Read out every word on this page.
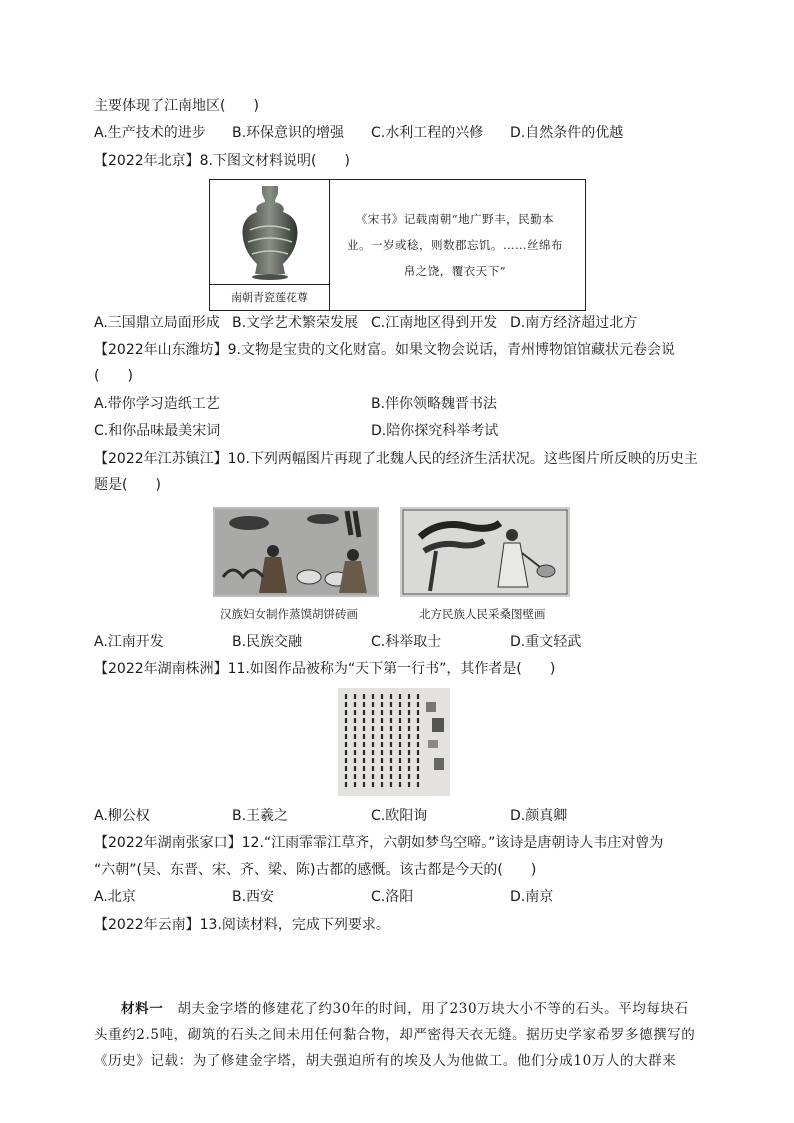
主要体现了江南地区(　　)
A.生产技术的进步 B.环保意识的增强 C.水利工程的兴修 D.自然条件的优越
【2022年北京】8.下图文材料说明(　　)
南朝青瓷莲花尊
《宋书》记载南朝“地广野丰，民勤本
业。一岁或稔，则数郡忘饥。……丝绵布
帛之饶，覆衣天下”
A.三国鼎立局面形成 B.文学艺术繁荣发展 C.江南地区得到开发 D.南方经济超过北方
【2022年山东潍坊】9.文物是宝贵的文化财富。如果文物会说话，青州博物馆馆藏状元卷会说
(　　)
A.带你学习造纸工艺	B.伴你领略魏晋书法
C.和你品味最美宋词	D.陪你探究科举考试
【2022年江苏镇江】10.下列两幅图片再现了北魏人民的经济生活状况。这些图片所反映的历史主
题是(　　)
汉族妇女制作蒸馍胡饼砖画	北方民族人民采桑图壁画
A.江南开发	B.民族交融	C.科举取士	D.重文轻武
【2022年湖南株洲】11.如图作品被称为“天下第一行书”，其作者是(　　)
A.柳公权	B.王羲之	C.欧阳询	D.颜真卿
【2022年湖南张家口】12.“江雨霏霏江草齐，六朝如梦鸟空啼。”该诗是唐朝诗人韦庄对曾为
“六朝”(吴、东晋、宋、齐、梁、陈)古都的感慨。该古都是今天的(　　)
A.北京	B.西安	C.洛阳	D.南京
【2022年云南】13.阅读材料，完成下列要求。
材料一　 胡夫金字塔的修建花了约30年的时间，用了230万块大小不等的石头。平均每块石头重约2.5吨，砌筑的石头之间未用任何黏合物，却严密得天衣无缝。据历史学家希罗多德撰写的《历史》记载：为了修建金字塔，胡夫强迫所有的埃及人为他做工。他们分成10万人的大群来
